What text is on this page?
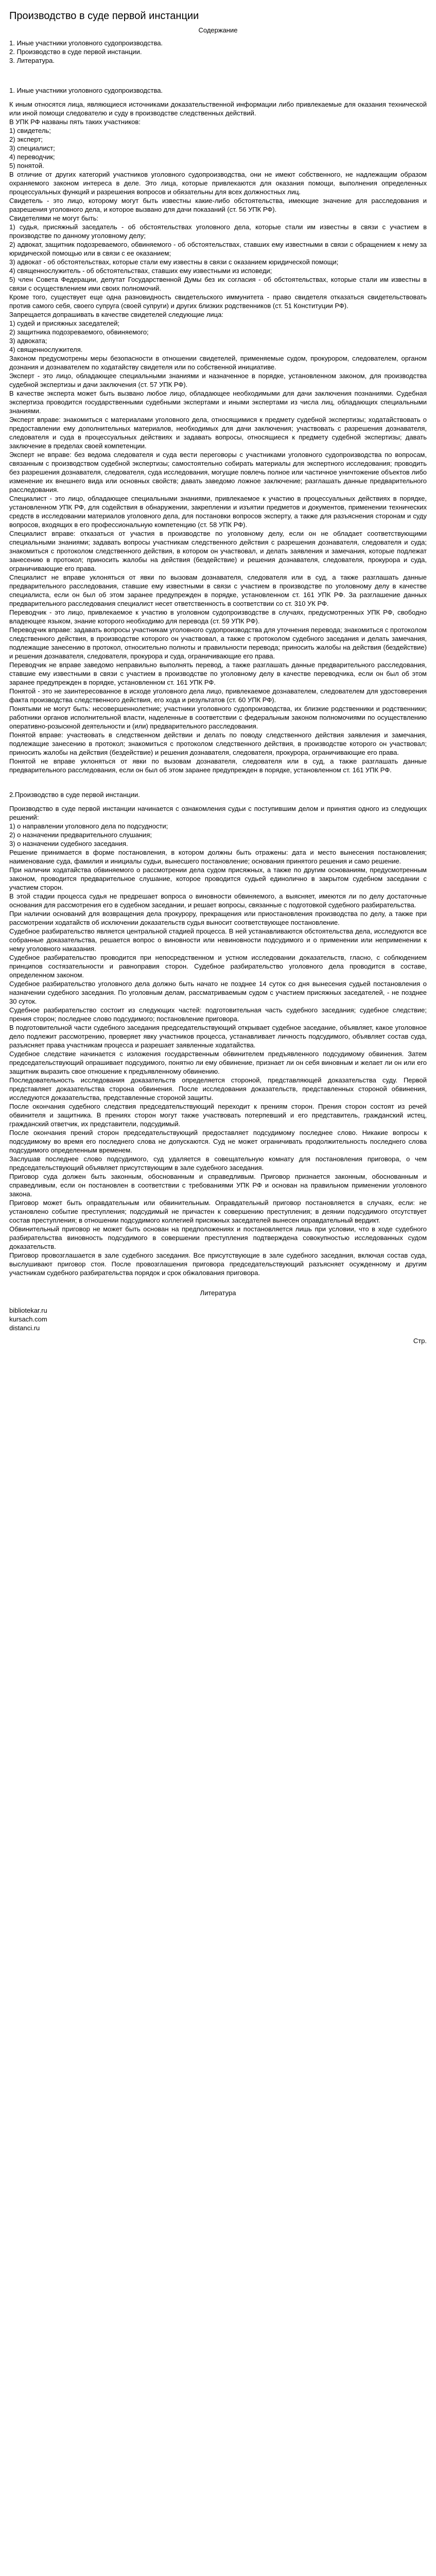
Производство в суде первой инстанции
Содержание
1. Иные участники уголовного судопроизводства.
2. Производство в суде первой инстанции.
3. Литература.
1. Иные участники уголовного судопроизводства.

К иным относятся лица, являющиеся источниками доказательственной информации либо привлекаемые для оказания технической или иной помощи следователю и суду в производстве следственных действий.

В УПК РФ названы пять таких участников:

1) свидетель;

2) эксперт;

3) специалист;

4) переводчик;

5) понятой.

В отличие от других категорий участников уголовного судопроизводства, они не имеют собственного, не надлежащим образом охраняемого законом интереса в деле. Это лица, которые привлекаются для оказания помощи, выполнения определенных процессуальных функций и разрешения вопросов и обязательны для всех должностных лиц.

Свидетель - это лицо, которому могут быть известны какие-либо обстоятельства, имеющие значение для расследования и разрешения уголовного дела, и которое вызвано для дачи показаний (ст. 56 УПК РФ).

Свидетелями не могут быть:

1) судья, присяжный заседатель - об обстоятельствах уголовного дела, которые стали им известны в связи с участием в производстве по данному уголовному делу;

2) адвокат, защитник подозреваемого, обвиняемого - об обстоятельствах, ставших ему известными в связи с обращением к нему за юридической помощью или в связи с ее оказанием;

3) адвокат - об обстоятельствах, которые стали ему известны в связи с оказанием юридической помощи;

4) священнослужитель - об обстоятельствах, ставших ему известными из исповеди;

5) член Совета Федерации, депутат Государственной Думы без их согласия - об обстоятельствах, которые стали им известны в связи с осуществлением ими своих полномочий.

Кроме того, существует еще одна разновидность свидетельского иммунитета - право свидетеля отказаться свидетельствовать против самого себя, своего супруга (своей супруги) и других близких родственников (ст. 51 Конституции РФ).

Запрещается допрашивать в качестве свидетелей следующие лица:

1) судей и присяжных заседателей;

2) защитника подозреваемого, обвиняемого;

3) адвоката;

4) священнослужителя.

Законом предусмотрены меры безопасности в отношении свидетелей, применяемые судом, прокурором, следователем, органом дознания и дознавателем по ходатайству свидетеля или по собственной инициативе.

Эксперт - это лицо, обладающее специальными знаниями и назначенное в порядке, установленном законом, для производства судебной экспертизы и дачи заключения (ст. 57 УПК РФ).

В качестве эксперта может быть вызвано любое лицо, обладающее необходимыми для дачи заключения познаниями. Судебная экспертиза проводится государственными судебными экспертами и иными экспертами из числа лиц, обладающих специальными знаниями.

Эксперт вправе: знакомиться с материалами уголовного дела, относящимися к предмету судебной экспертизы; ходатайствовать о предоставлении ему дополнительных материалов, необходимых для дачи заключения; участвовать с разрешения дознавателя, следователя и суда в процессуальных действиях и задавать вопросы, относящиеся к предмету судебной экспертизы; давать заключение в пределах своей компетенции.

Эксперт не вправе: без ведома следователя и суда вести переговоры с участниками уголовного судопроизводства по вопросам, связанным с производством судебной экспертизы; самостоятельно собирать материалы для экспертного исследования; проводить без разрешения дознавателя, следователя, суда исследования, могущие повлечь полное или частичное уничтожение объектов либо изменение их внешнего вида или основных свойств; давать заведомо ложное заключение; разглашать данные предварительного расследования.

Специалист - это лицо, обладающее специальными знаниями, привлекаемое к участию в процессуальных действиях в порядке, установленном УПК РФ, для содействия в обнаружении, закреплении и изъятии предметов и документов, применении технических средств в исследовании материалов уголовного дела, для постановки вопросов эксперту, а также для разъяснения сторонам и суду вопросов, входящих в его профессиональную компетенцию (ст. 58 УПК РФ).

Специалист вправе: отказаться от участия в производстве по уголовному делу, если он не обладает соответствующими специальными знаниями; задавать вопросы участникам следственного действия с разрешения дознавателя, следователя и суда; знакомиться с протоколом следственного действия, в котором он участвовал, и делать заявления и замечания, которые подлежат занесению в протокол; приносить жалобы на действия (бездействие) и решения дознавателя, следователя, прокурора и суда, ограничивающие его права.

Специалист не вправе уклоняться от явки по вызовам дознавателя, следователя или в суд, а также разглашать данные предварительного расследования, ставшие ему известными в связи с участием в производстве по уголовному делу в качестве специалиста, если он был об этом заранее предупрежден в порядке, установленном ст. 161 УПК РФ. За разглашение данных предварительного расследования специалист несет ответственность в соответствии со ст. 310 УК РФ.

Переводчик - это лицо, привлекаемое к участию в уголовном судопроизводстве в случаях, предусмотренных УПК РФ, свободно владеющее языком, знание которого необходимо для перевода (ст. 59 УПК РФ).

Переводчик вправе: задавать вопросы участникам уголовного судопроизводства для уточнения перевода; знакомиться с протоколом следственного действия, в производстве которого он участвовал, а также с протоколом судебного заседания и делать замечания, подлежащие занесению в протокол, относительно полноты и правильности перевода; приносить жалобы на действия (бездействие) и решения дознавателя, следователя, прокурора и суда, ограничивающие его права.

Переводчик не вправе заведомо неправильно выполнять перевод, а также разглашать данные предварительного расследования, ставшие ему известными в связи с участием в производстве по уголовному делу в качестве переводчика, если он был об этом заранее предупрежден в порядке, установленном ст. 161 УПК РФ.

Понятой - это не заинтересованное в исходе уголовного дела лицо, привлекаемое дознавателем, следователем для удостоверения факта производства следственного действия, его хода и результатов (ст. 60 УПК РФ).

Понятыми не могут быть: несовершеннолетние; участники уголовного судопроизводства, их близкие родственники и родственники; работники органов исполнительной власти, наделенные в соответствии с федеральным законом полномочиями по осуществлению оперативно-розыскной деятельности и (или) предварительного расследования.

Понятой вправе: участвовать в следственном действии и делать по поводу следственного действия заявления и замечания, подлежащие занесению в протокол; знакомиться с протоколом следственного действия, в производстве которого он участвовал; приносить жалобы на действия (бездействие) и решения дознавателя, следователя, прокурора, ограничивающие его права.

Понятой не вправе уклоняться от явки по вызовам дознавателя, следователя или в суд, а также разглашать данные предварительного расследования, если он был об этом заранее предупрежден в порядке, установленном ст. 161 УПК РФ.

2.Производство в суде первой инстанции.

Производство в суде первой инстанции начинается с ознакомления судьи с поступившим делом и принятия одного из следующих решений:

1) о направлении уголовного дела по подсудности;

2) о назначении предварительного слушания;

3) о назначении судебного заседания.

Решение принимается в форме постановления, в котором должны быть отражены: дата и место вынесения постановления; наименование суда, фамилия и инициалы судьи, вынесшего постановление; основания принятого решения и само решение.

При наличии ходатайства обвиняемого о рассмотрении дела судом присяжных, а также по другим основаниям, предусмотренным законом, проводится предварительное слушание, которое проводится судьей единолично в закрытом судебном заседании с участием сторон.

В этой стадии процесса судья не предрешает вопроса о виновности обвиняемого, а выясняет, имеются ли по делу достаточные основания для рассмотрения его в судебном заседании, и решает вопросы, связанные с подготовкой судебного разбирательства.

При наличии оснований для возвращения дела прокурору, прекращения или приостановления производства по делу, а также при рассмотрении ходатайств об исключении доказательств судья выносит соответствующее постановление.

Судебное разбирательство является центральной стадией процесса. В ней устанавливаются обстоятельства дела, исследуются все собранные доказательства, решается вопрос о виновности или невиновности подсудимого и о применении или неприменении к нему уголовного наказания.

Судебное разбирательство проводится при непосредственном и устном исследовании доказательств, гласно, с соблюдением принципов состязательности и равноправия сторон. Судебное разбирательство уголовного дела проводится в составе, определенном законом.

Судебное разбирательство уголовного дела должно быть начато не позднее 14 суток со дня вынесения судьей постановления о назначении судебного заседания. По уголовным делам, рассматриваемым судом с участием присяжных заседателей, - не позднее 30 суток.

Судебное разбирательство состоит из следующих частей: подготовительная часть судебного заседания; судебное следствие; прения сторон; последнее слово подсудимого; постановление приговора.

В подготовительной части судебного заседания председательствующий открывает судебное заседание, объявляет, какое уголовное дело подлежит рассмотрению, проверяет явку участников процесса, устанавливает личность подсудимого, объявляет состав суда, разъясняет права участникам процесса и разрешает заявленные ходатайства.

Судебное следствие начинается с изложения государственным обвинителем предъявленного подсудимому обвинения. Затем председательствующий опрашивает подсудимого, понятно ли ему обвинение, признает ли он себя виновным и желает ли он или его защитник выразить свое отношение к предъявленному обвинению.

Последовательность исследования доказательств определяется стороной, представляющей доказательства суду. Первой представляет доказательства сторона обвинения. После исследования доказательств, представленных стороной обвинения, исследуются доказательства, представленные стороной защиты.

После окончания судебного следствия председательствующий переходит к прениям сторон. Прения сторон состоят из речей обвинителя и защитника. В прениях сторон могут также участвовать потерпевший и его представитель, гражданский истец, гражданский ответчик, их представители, подсудимый.

После окончания прений сторон председательствующий предоставляет подсудимому последнее слово. Никакие вопросы к подсудимому во время его последнего слова не допускаются. Суд не может ограничивать продолжительность последнего слова подсудимого определенным временем.

Заслушав последнее слово подсудимого, суд удаляется в совещательную комнату для постановления приговора, о чем председательствующий объявляет присутствующим в зале судебного заседания.

Приговор суда должен быть законным, обоснованным и справедливым. Приговор признается законным, обоснованным и справедливым, если он постановлен в соответствии с требованиями УПК РФ и основан на правильном применении уголовного закона.

Приговор может быть оправдательным или обвинительным. Оправдательный приговор постановляется в случаях, если: не установлено событие преступления; подсудимый не причастен к совершению преступления; в деянии подсудимого отсутствует состав преступления; в отношении подсудимого коллегией присяжных заседателей вынесен оправдательный вердикт.

Обвинительный приговор не может быть основан на предположениях и постановляется лишь при условии, что в ходе судебного разбирательства виновность подсудимого в совершении преступления подтверждена совокупностью исследованных судом доказательств.

Приговор провозглашается в зале судебного заседания. Все присутствующие в зале судебного заседания, включая состав суда, выслушивают приговор стоя. После провозглашения приговора председательствующий разъясняет осужденному и другим участникам судебного разбирательства порядок и срок обжалования приговора.

Литература
bibliotekar.ru
kursach.com
distanci.ru
Стр.
